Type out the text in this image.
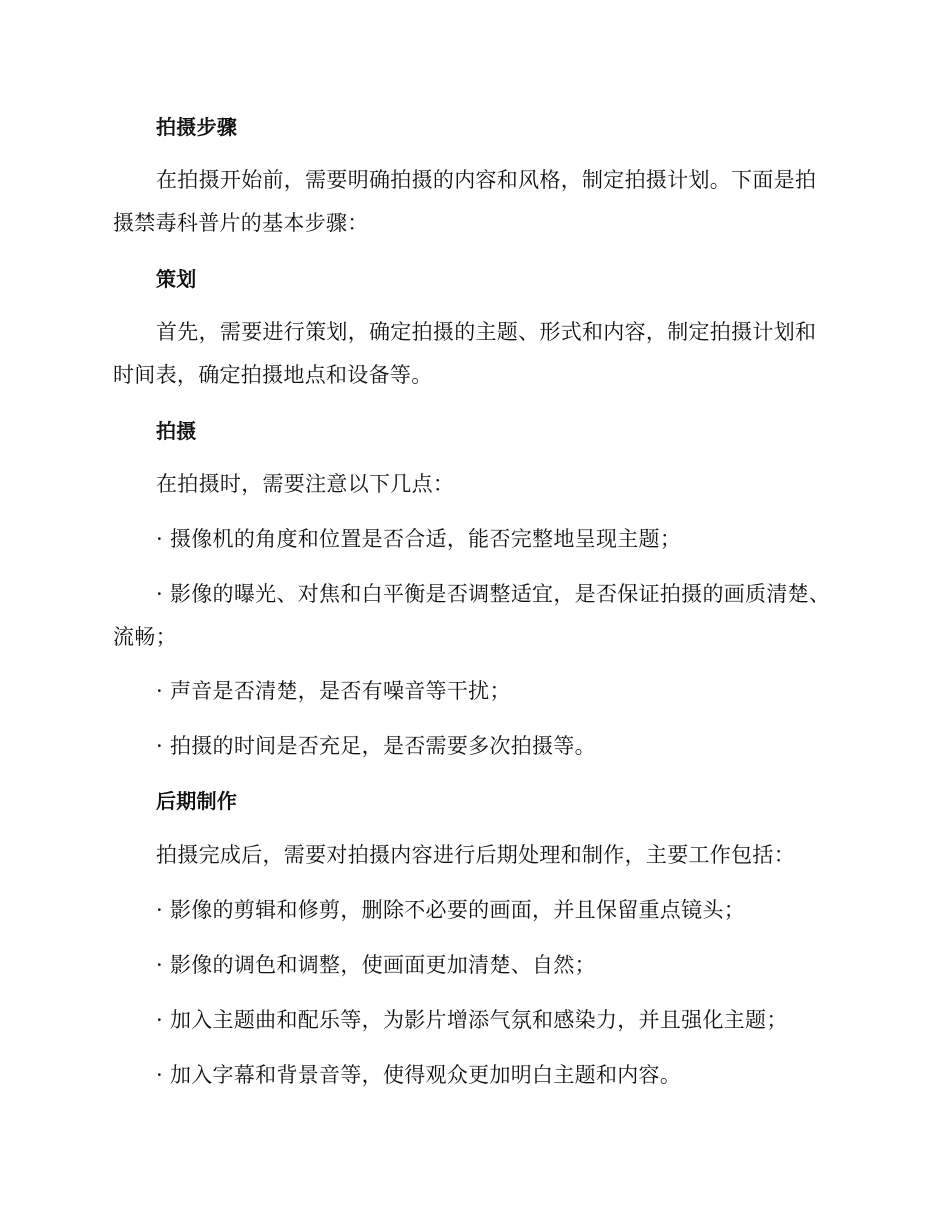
拍摄步骤
在拍摄开始前，需要明确拍摄的内容和风格，制定拍摄计划。下面是拍摄禁毒科普片的基本步骤：
策划
首先，需要进行策划，确定拍摄的主题、形式和内容，制定拍摄计划和时间表，确定拍摄地点和设备等。
拍摄
在拍摄时，需要注意以下几点：
· 摄像机的角度和位置是否合适，能否完整地呈现主题；
· 影像的曝光、对焦和白平衡是否调整适宜，是否保证拍摄的画质清楚、流畅；
· 声音是否清楚，是否有噪音等干扰；
· 拍摄的时间是否充足，是否需要多次拍摄等。
后期制作
拍摄完成后，需要对拍摄内容进行后期处理和制作，主要工作包括：
· 影像的剪辑和修剪，删除不必要的画面，并且保留重点镜头；
· 影像的调色和调整，使画面更加清楚、自然；
· 加入主题曲和配乐等，为影片增添气氛和感染力，并且强化主题；
· 加入字幕和背景音等，使得观众更加明白主题和内容。
